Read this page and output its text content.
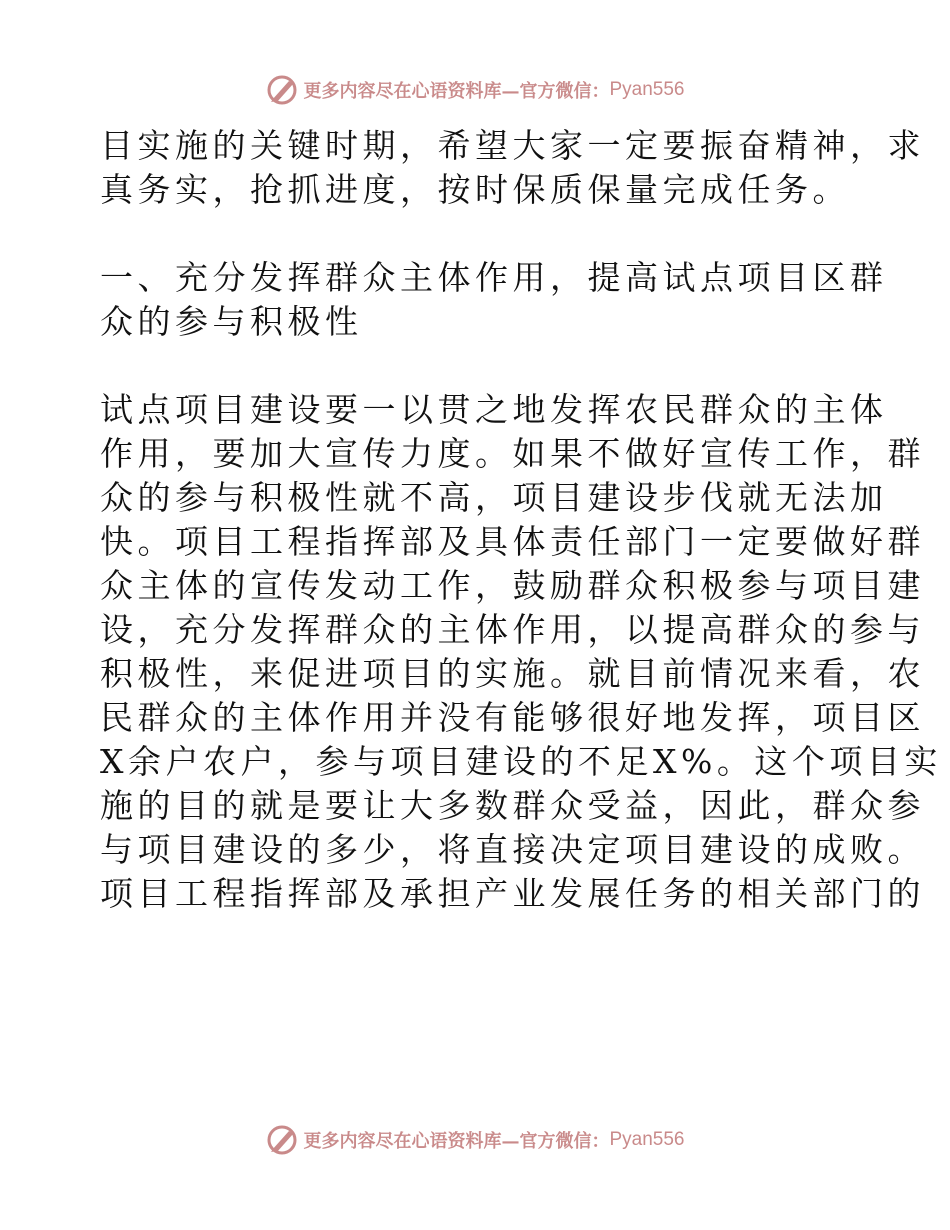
更多内容尽在心语资料库—官方微信： Pyan556
目实施的关键时期，希望大家一定要振奋精神，求
真务实，抢抓进度，按时保质保量完成任务。
一、充分发挥群众主体作用，提高试点项目区群
众的参与积极性
试点项目建设要一以贯之地发挥农民群众的主体
作用，要加大宣传力度。如果不做好宣传工作，群
众的参与积极性就不高，项目建设步伐就无法加
快。项目工程指挥部及具体责任部门一定要做好群
众主体的宣传发动工作，鼓励群众积极参与项目建
设，充分发挥群众的主体作用，以提高群众的参与
积极性，来促进项目的实施。就目前情况来看，农
民群众的主体作用并没有能够很好地发挥，项目区
X余户农户，参与项目建设的不足X%。这个项目实
施的目的就是要让大多数群众受益，因此，群众参
与项目建设的多少，将直接决定项目建设的成败。
项目工程指挥部及承担产业发展任务的相关部门的
更多内容尽在心语资料库—官方微信： Pyan556
